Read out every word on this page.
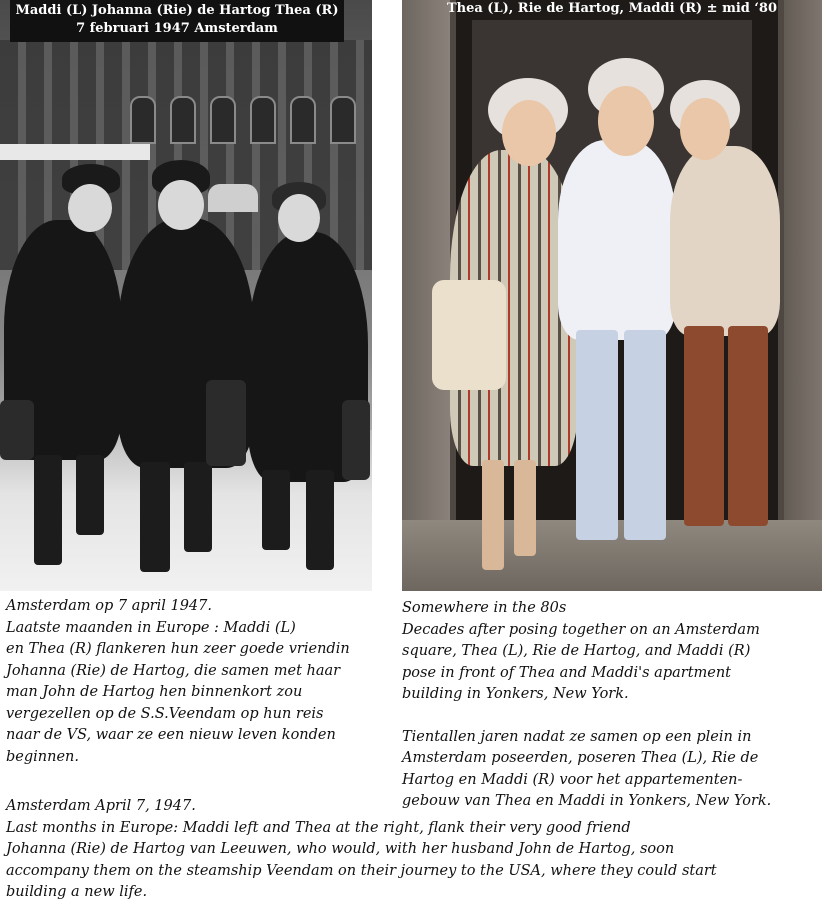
Maddi (L) Johanna (Rie) de Hartog Thea (R)
7 februari 1947 Amsterdam
Thea (L), Rie de Hartog, Maddi (R) ± mid ‘80

Amsterdam op 7 april 1947.

Laatste maanden in Europe : Maddi (L)

en Thea (R) flankeren hun zeer goede vriendin

Johanna (Rie) de Hartog, die samen met haar

man John de Hartog hen binnenkort zou

vergezellen op de S.S.Veendam op hun reis

naar de VS, waar ze een nieuw leven konden

beginnen.

Somewhere in the 80s

Decades after posing together on an Amsterdam

square, Thea (L), Rie de Hartog, and Maddi (R)

pose in front of Thea and Maddi's apartment

building in Yonkers, New York.

Tientallen jaren nadat ze samen op een plein in

Amsterdam poseerden, poseren Thea (L), Rie de

Hartog en Maddi (R) voor het appartementen-

gebouw van Thea en Maddi in Yonkers, New York.

Amsterdam April 7, 1947.

Last months in Europe: Maddi left and Thea at the right, flank their very good friend

Johanna (Rie) de Hartog van Leeuwen, who would, with her husband John de Hartog, soon

accompany them on the steamship Veendam on their journey to the USA, where they could start

building a new life.
